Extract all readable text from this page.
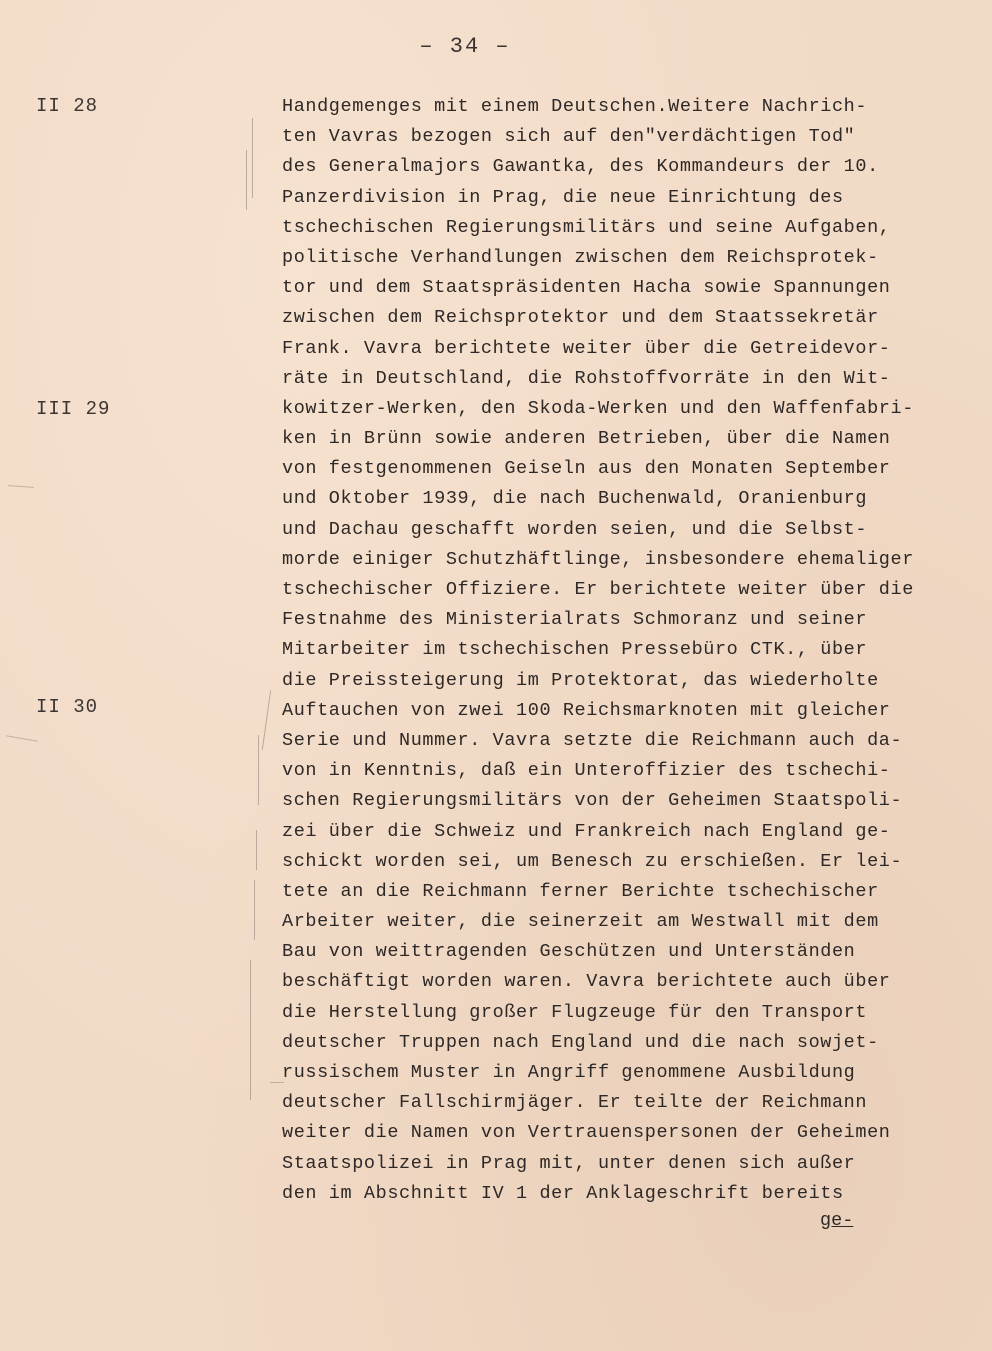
– 34 –
II 28
III 29
II 30
Handgemenges mit einem Deutschen.Weitere Nachrich-
ten Vavras bezogen sich auf den"verdächtigen Tod"
des Generalmajors Gawantka, des Kommandeurs der 10.
Panzerdivision in Prag, die neue Einrichtung des
tschechischen Regierungsmilitärs und seine Aufgaben,
politische Verhandlungen zwischen dem Reichsprotek-
tor und dem Staatspräsidenten Hacha sowie Spannungen
zwischen dem Reichsprotektor und dem Staatssekretär
Frank. Vavra berichtete weiter über die Getreidevor-
räte in Deutschland, die Rohstoffvorräte in den Wit-
kowitzer-Werken, den Skoda-Werken und den Waffenfabri-
ken in Brünn sowie anderen Betrieben, über die Namen
von festgenommenen Geiseln aus den Monaten September
und Oktober 1939, die nach Buchenwald, Oranienburg
und Dachau geschafft worden seien, und die Selbst-
morde einiger Schutzhäftlinge, insbesondere ehemaliger
tschechischer Offiziere. Er berichtete weiter über die
Festnahme des Ministerialrats Schmoranz und seiner
Mitarbeiter im tschechischen Pressebüro CTK., über
die Preissteigerung im Protektorat, das wiederholte
Auftauchen von zwei 100 Reichsmarknoten mit gleicher
Serie und Nummer. Vavra setzte die Reichmann auch da-
von in Kenntnis, daß ein Unteroffizier des tschechi-
schen Regierungsmilitärs von der Geheimen Staatspoli-
zei über die Schweiz und Frankreich nach England ge-
schickt worden sei, um Benesch zu erschießen. Er lei-
tete an die Reichmann ferner Berichte tschechischer
Arbeiter weiter, die seinerzeit am Westwall mit dem
Bau von weittragenden Geschützen und Unterständen
beschäftigt worden waren. Vavra berichtete auch über
die Herstellung großer Flugzeuge für den Transport
deutscher Truppen nach England und die nach sowjet-
russischem Muster in Angriff genommene Ausbildung
deutscher Fallschirmjäger. Er teilte der Reichmann
weiter die Namen von Vertrauenspersonen der Geheimen
Staatspolizei in Prag mit, unter denen sich außer
den im Abschnitt IV 1 der Anklageschrift bereits
ge-
